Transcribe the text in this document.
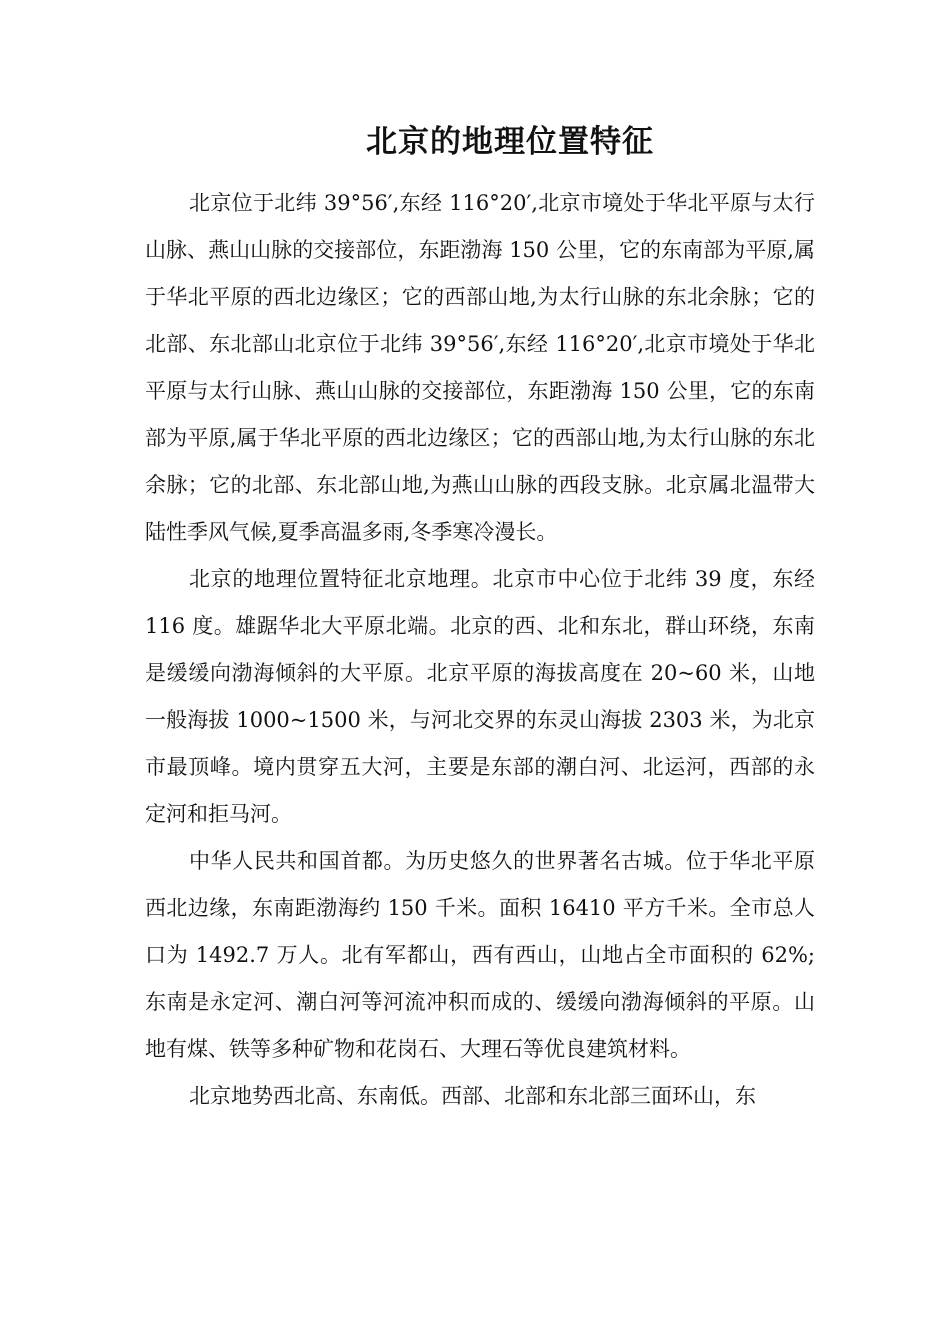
北京的地理位置特征

北京位于北纬 39°56′,东经 116°20′,北京市境处于华北平原与太行山脉、燕山山脉的交接部位，东距渤海 150 公里，它的东南部为平原,属于华北平原的西北边缘区；它的西部山地,为太行山脉的东北余脉；它的北部、东北部山北京位于北纬 39°56′,东经 116°20′,北京市境处于华北平原与太行山脉、燕山山脉的交接部位，东距渤海 150 公里，它的东南部为平原,属于华北平原的西北边缘区；它的西部山地,为太行山脉的东北余脉；它的北部、东北部山地,为燕山山脉的西段支脉。北京属北温带大陆性季风气候,夏季高温多雨,冬季寒冷漫长。

北京的地理位置特征北京地理。北京市中心位于北纬 39 度，东经 116 度。雄踞华北大平原北端。北京的西、北和东北，群山环绕，东南是缓缓向渤海倾斜的大平原。北京平原的海拔高度在 20~60 米，山地一般海拔 1000~1500 米，与河北交界的东灵山海拔 2303 米，为北京市最顶峰。境内贯穿五大河，主要是东部的潮白河、北运河，西部的永定河和拒马河。

中华人民共和国首都。为历史悠久的世界著名古城。位于华北平原西北边缘，东南距渤海约 150 千米。面积 16410 平方千米。全市总人口为 1492.7 万人。北有军都山，西有西山，山地占全市面积的 62%;东南是永定河、潮白河等河流冲积而成的、缓缓向渤海倾斜的平原。山地有煤、铁等多种矿物和花岗石、大理石等优良建筑材料。

北京地势西北高、东南低。西部、北部和东北部三面环山，东
